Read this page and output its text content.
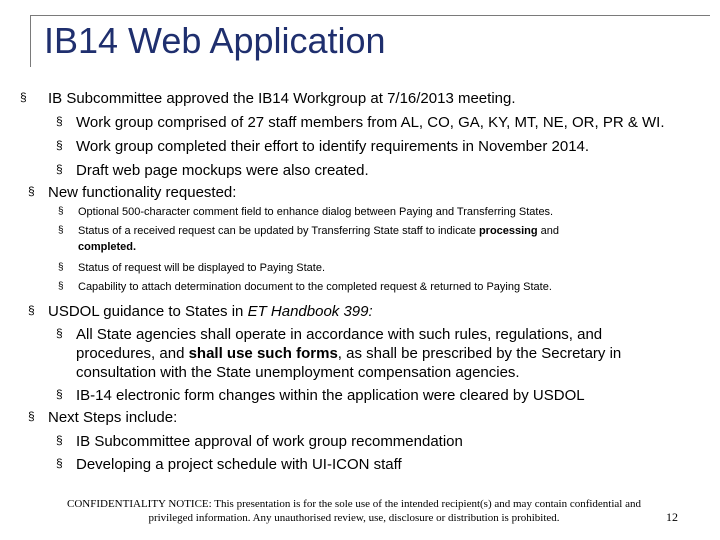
IB14 Web Application
§ IB Subcommittee approved the IB14 Workgroup at 7/16/2013 meeting.
§ Work group comprised of 27 staff members from AL, CO, GA, KY, MT, NE, OR, PR & WI.
§ Work group completed their effort to identify requirements in November 2014.
§ Draft web page mockups were also created.
§ New functionality requested:
§ Optional 500-character comment field to enhance dialog between Paying and Transferring States.
§ Status of a received request can be updated by Transferring State staff to indicate processing and
completed.
§ Status of request will be displayed to Paying State.
§ Capability to attach determination document to the completed request & returned to Paying State.
§ USDOL guidance to States in ET Handbook 399:
§ All State agencies shall operate in accordance with such rules, regulations, and
procedures, and shall use such forms, as shall be prescribed by the Secretary in
consultation with the State unemployment compensation agencies.
§ IB-14 electronic form changes within the application were cleared by USDOL
§ Next Steps include:
§ IB Subcommittee approval of work group recommendation
§ Developing a project schedule with UI-ICON staff
CONFIDENTIALITY NOTICE: This presentation is for the sole use of the intended recipient(s) and may contain confidential and
privileged information. Any unauthorised review, use, disclosure or distribution is prohibited.	12
